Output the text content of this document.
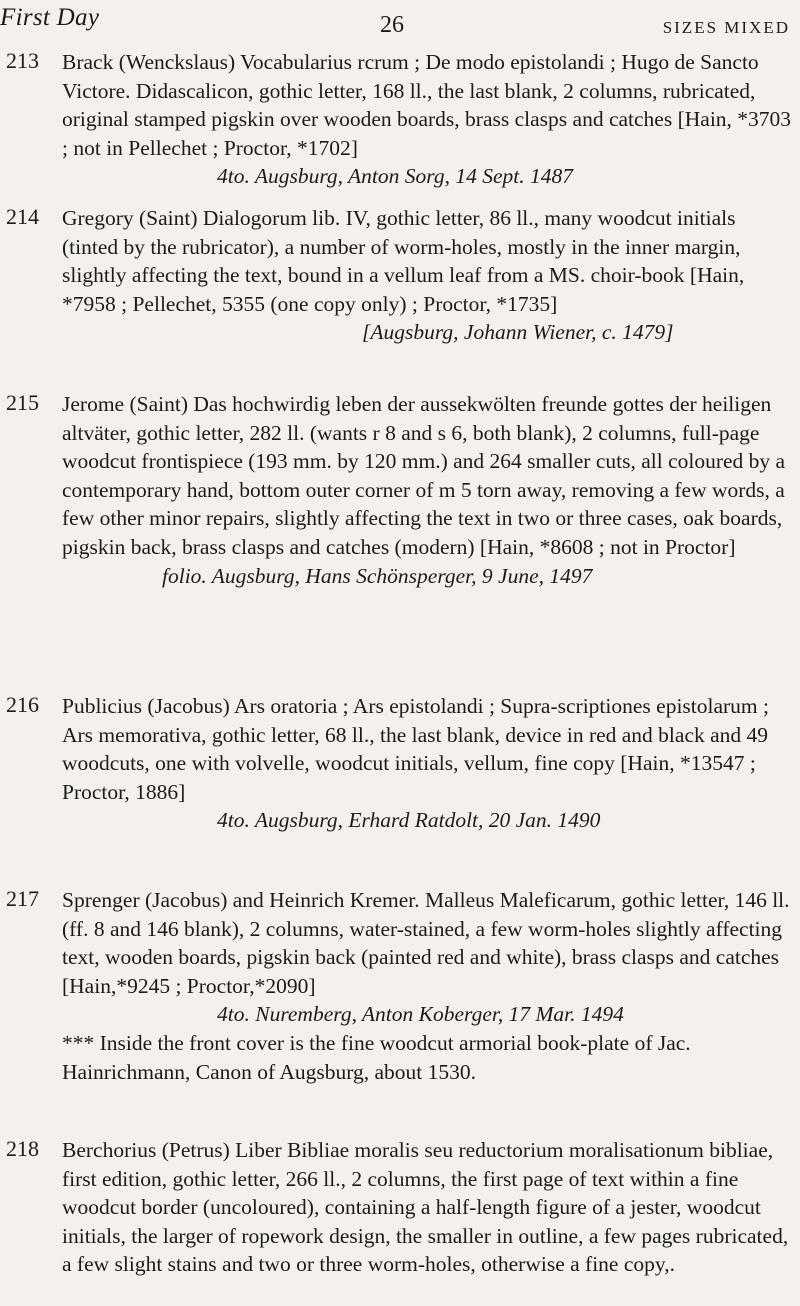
First Day	26	SIZES MIXED
213 Brack (Wenckslaus) Vocabularius rcrum ; De modo epistolandi ; Hugo de Sancto Victore. Didascalicon, gothic letter, 168 ll., the last blank, 2 columns, rubricated, original stamped pigskin over wooden boards, brass clasps and catches [Hain, *3703 ; not in Pellechet ; Proctor, *1702]

4to. Augsburg, Anton Sorg, 14 Sept. 1487
214 Gregory (Saint) Dialogorum lib. IV, gothic letter, 86 ll., many woodcut initials (tinted by the rubricator), a number of worm-holes, mostly in the inner margin, slightly affecting the text, bound in a vellum leaf from a MS. choir-book [Hain, *7958 ; Pellechet, 5355 (one copy only) ; Proctor, *1735]

[Augsburg, Johann Wiener, c. 1479]
215 Jerome (Saint) Das hochwirdig leben der aussekwölten freunde gottes der heiligen altväter, gothic letter, 282 ll. (wants r 8 and s 6, both blank), 2 columns, full-page woodcut frontispiece (193 mm. by 120 mm.) and 264 smaller cuts, all coloured by a contemporary hand, bottom outer corner of m 5 torn away, removing a few words, a few other minor repairs, slightly affecting the text in two or three cases, oak boards, pigskin back, brass clasps and catches (modern) [Hain, *8608 ; not in Proctor]

folio. Augsburg, Hans Schönsperger, 9 June, 1497
216 Publicius (Jacobus) Ars oratoria ; Ars epistolandi ; Supra-scriptiones epistolarum ; Ars memorativa, gothic letter, 68 ll., the last blank, device in red and black and 49 woodcuts, one with volvelle, woodcut initials, vellum, fine copy [Hain, *13547 ; Proctor, 1886]

4to. Augsburg, Erhard Ratdolt, 20 Jan. 1490
217 Sprenger (Jacobus) and Heinrich Kremer. Malleus Maleficarum, gothic letter, 146 ll. (ff. 8 and 146 blank), 2 columns, water-stained, a few worm-holes slightly affecting text, wooden boards, pigskin back (painted red and white), brass clasps and catches [Hain,*9245 ; Proctor,*2090]

4to. Nuremberg, Anton Koberger, 17 Mar. 1494

*** Inside the front cover is the fine woodcut armorial book-plate of Jac. Hainrichmann, Canon of Augsburg, about 1530.

218 Berchorius (Petrus) Liber Bibliae moralis seu reductorium moralisationum bibliae, first edition, gothic letter, 266 ll., 2 columns, the first page of text within a fine woodcut border (uncoloured), containing a half-length figure of a jester, woodcut initials, the larger of ropework design, the smaller in outline, a few pages rubricated, a few slight stains and two or three worm-holes, otherwise a fine copy,.
